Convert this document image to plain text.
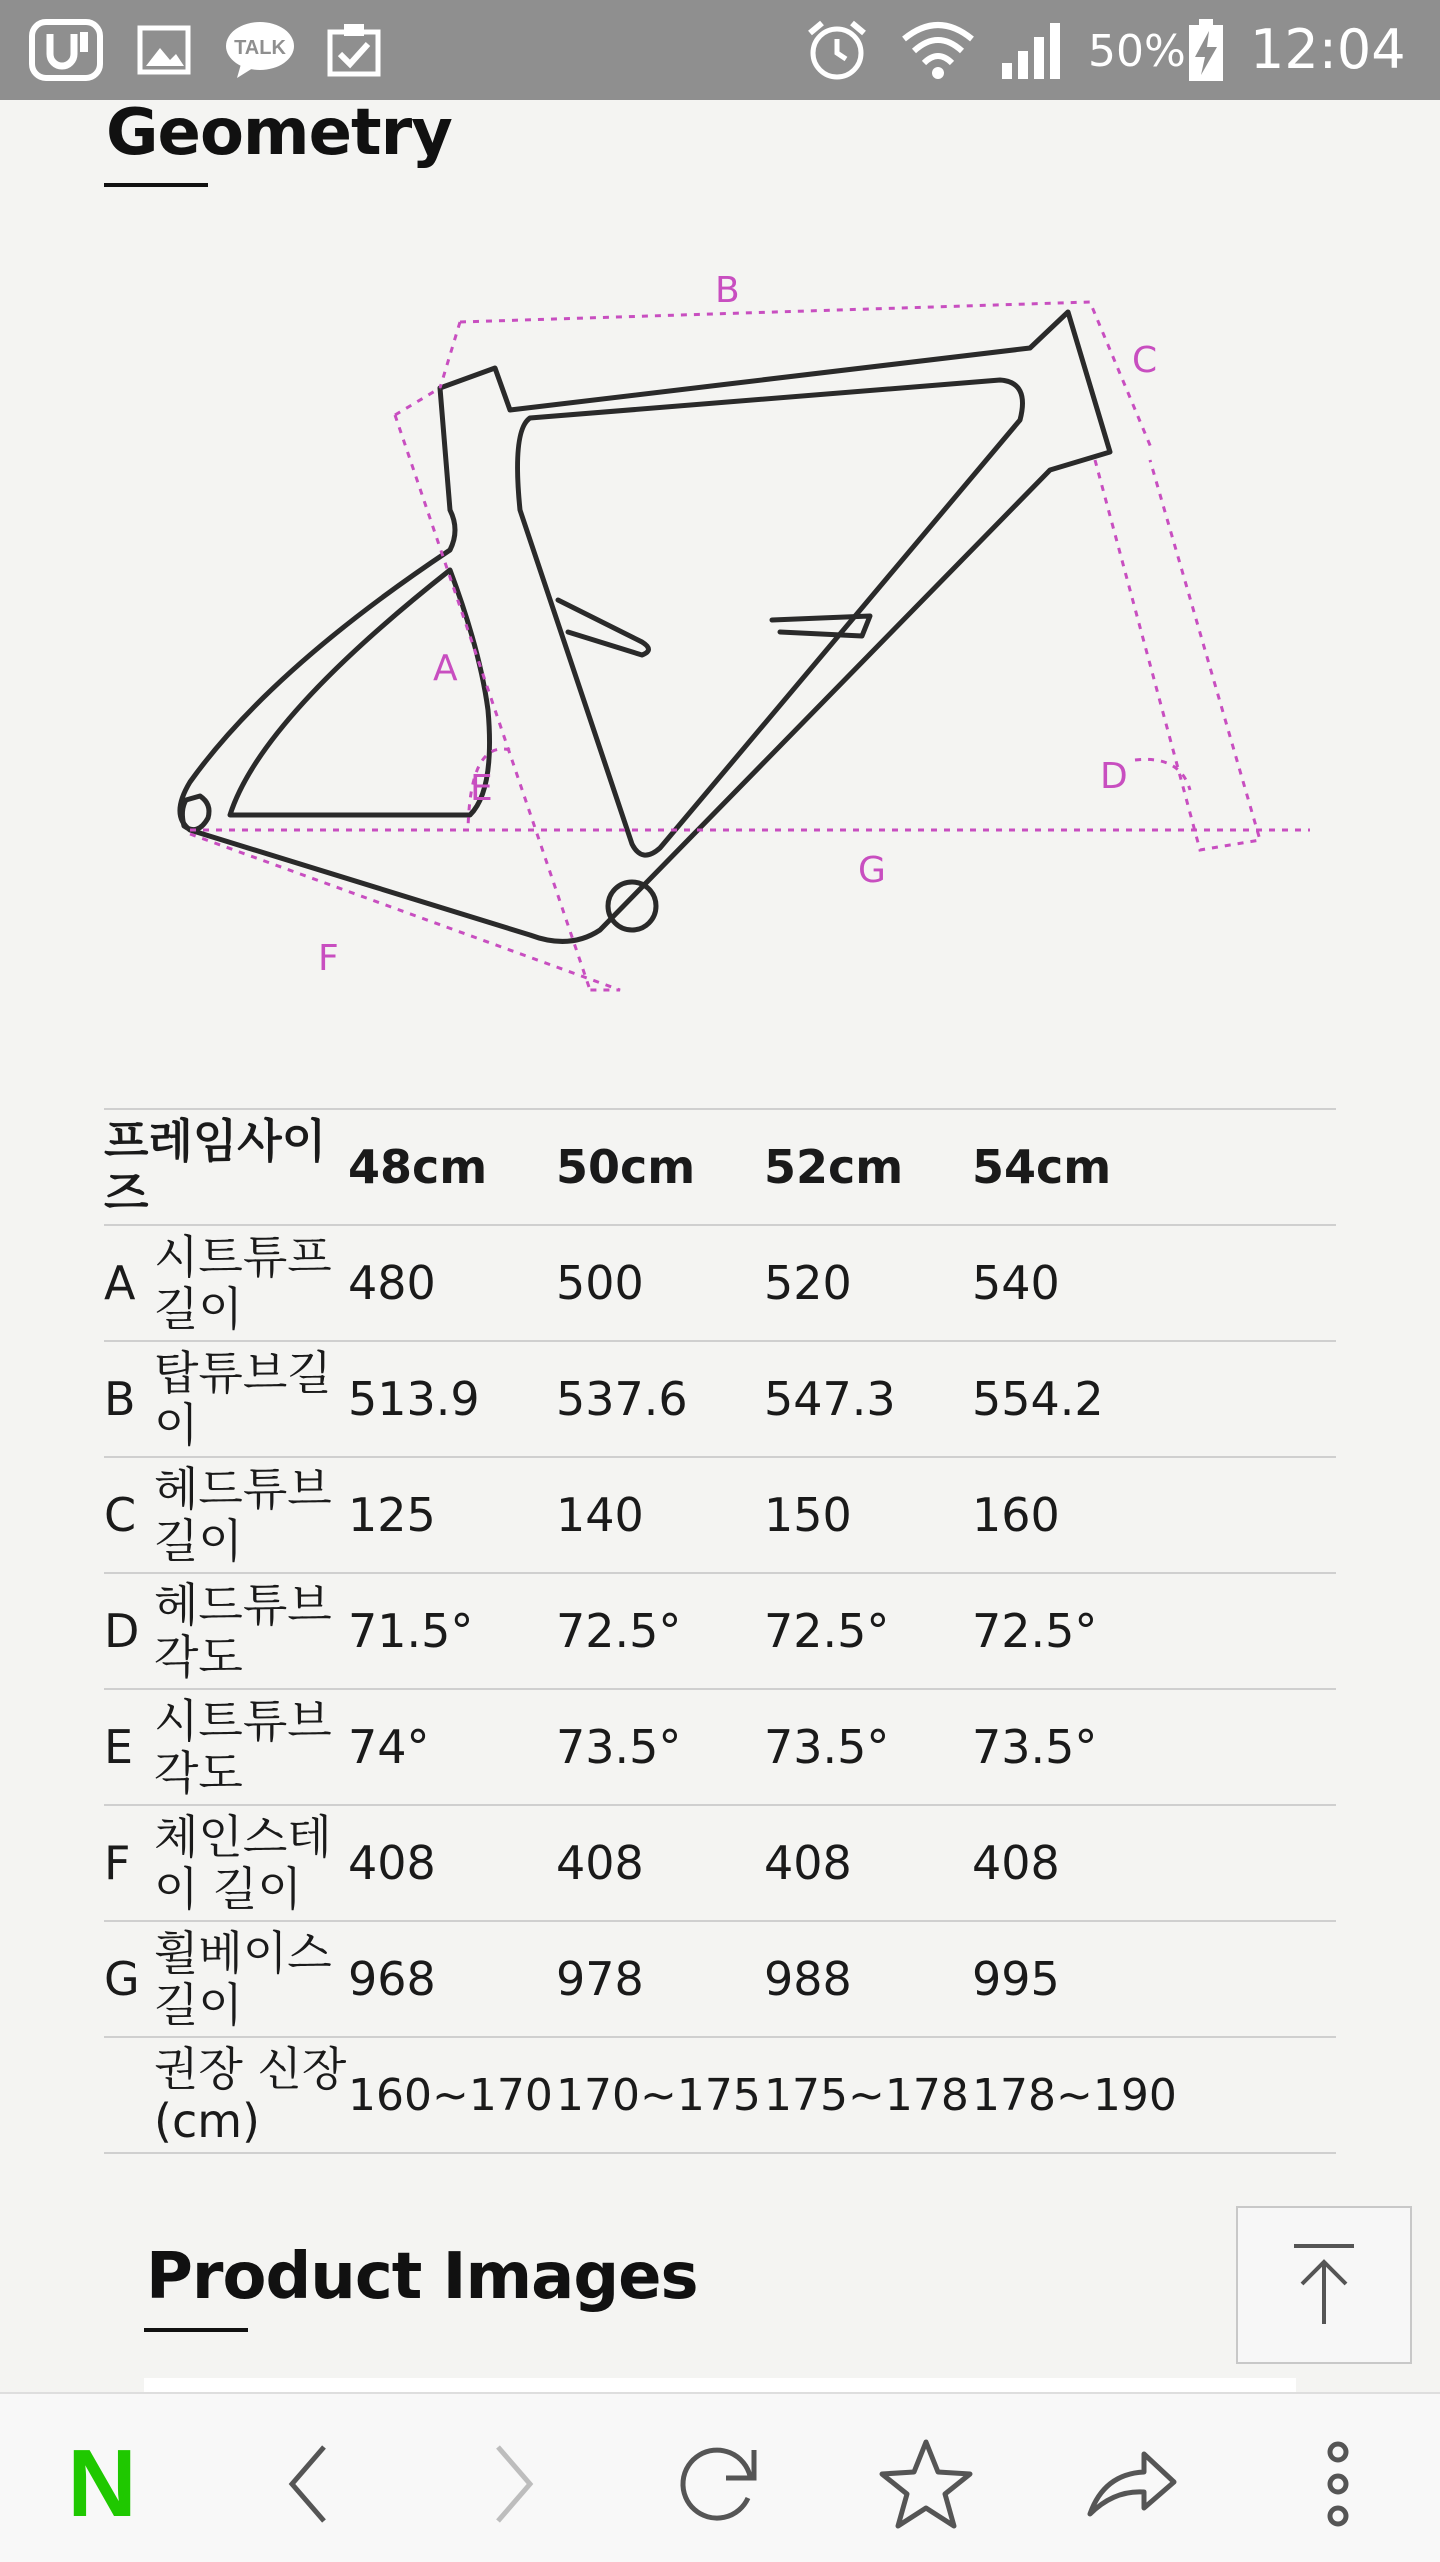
TALK	50% 12:04
Geometry
B
C
A
E	D
G
F
프레임사이즈		48cm	50cm	52cm	54cm
A	시트튜프 길이	480	500	520	540
B	탑튜브길이	513.9	537.6	547.3	554.2
C	헤드튜브 길이	125	140	150	160
D	헤드튜브 각도	71.5°	72.5°	72.5°	72.5°
E	시트튜브 각도	74°	73.5°	73.5°	73.5°
F	체인스테이 길이	408	408	408	408
G	휠베이스 길이	968	978	988	995
	권장 신장 (cm)	160~170	170~175	175~178	178~190
Product Images
N
